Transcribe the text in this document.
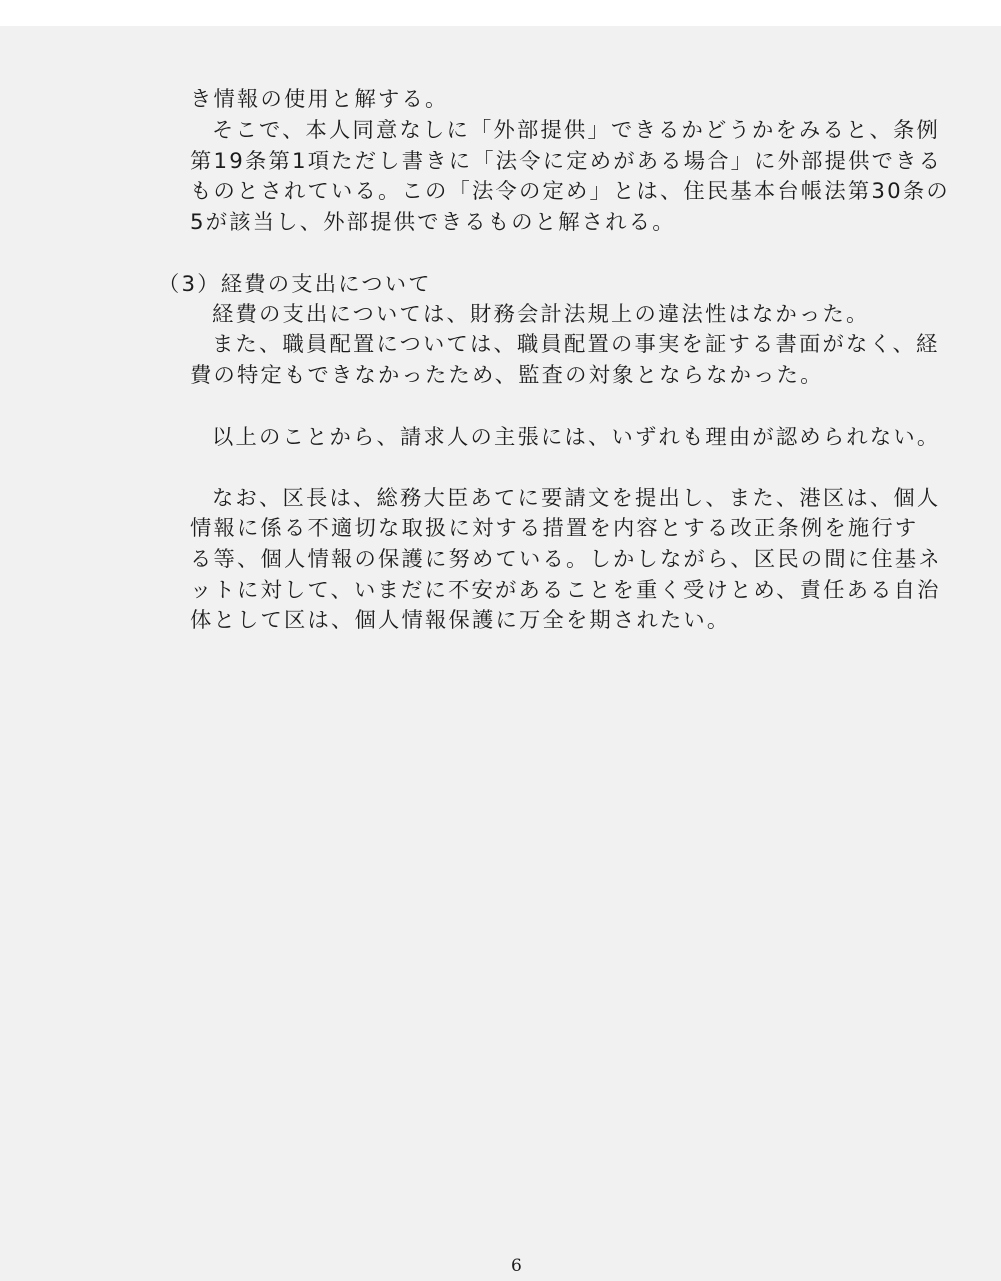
き情報の使用と解する。
そこで、本人同意なしに「外部提供」できるかどうかをみると、条例
第19条第1項ただし書きに「法令に定めがある場合」に外部提供できる
ものとされている。この「法令の定め」とは、住民基本台帳法第30条の
5が該当し、外部提供できるものと解される。
（3）経費の支出について
経費の支出については、財務会計法規上の違法性はなかった。
また、職員配置については、職員配置の事実を証する書面がなく、経
費の特定もできなかったため、監査の対象とならなかった。
以上のことから、請求人の主張には、いずれも理由が認められない。
なお、区長は、総務大臣あてに要請文を提出し、また、港区は、個人
情報に係る不適切な取扱に対する措置を内容とする改正条例を施行す
る等、個人情報の保護に努めている。しかしながら、区民の間に住基ネ
ットに対して、いまだに不安があることを重く受けとめ、責任ある自治
体として区は、個人情報保護に万全を期されたい。
6
